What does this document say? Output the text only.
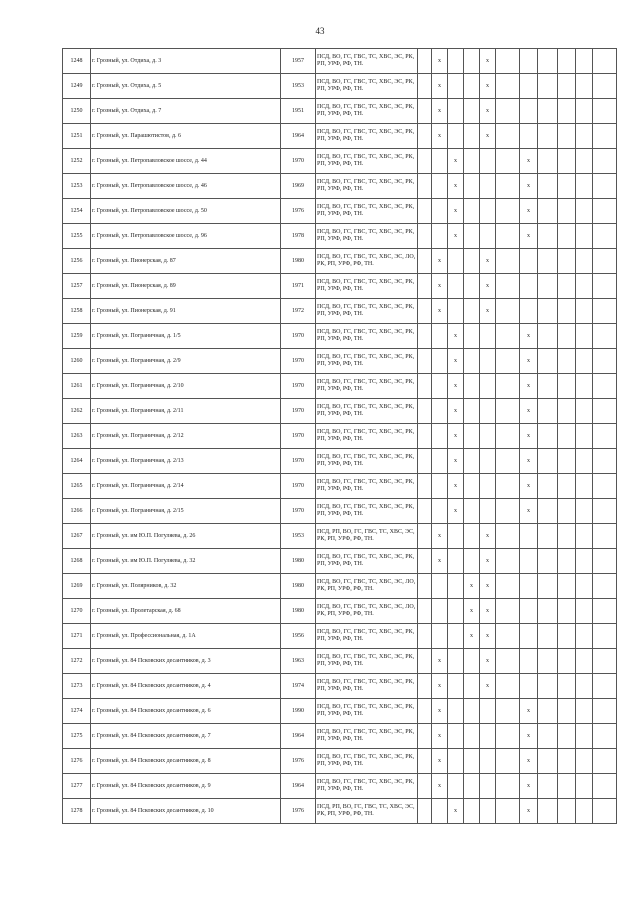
43
1248	г. Грозный, ул. Отдиха, д. 3	1957	ПСД, ВО, ГС, ГВС, ТС, ХВС, ЭС, РК, РП, УРФ, РФ, ТН.		x			x						
1249	г. Грозный, ул. Отдиха, д. 5	1953	ПСД, ВО, ГС, ГВС, ТС, ХВС, ЭС, РК, РП, УРФ, РФ, ТН.		x			x						
1250	г. Грозный, ул. Отдиха, д. 7	1951	ПСД, ВО, ГС, ГВС, ТС, ХВС, ЭС, РК, РП, УРФ, РФ, ТН.		x			x						
1251	г. Грозный, ул. Парашютистов, д. 6	1964	ПСД, ВО, ГС, ГВС, ТС, ХВС, ЭС, РК, РП, УРФ, РФ, ТН.		x			x						
1252	г. Грозный, ул. Петропавловское шоссе, д. 44	1970	ПСД, ВО, ГС, ГВС, ТС, ХВС, ЭС, РК, РП, УРФ, РФ, ТН.			x				x				
1253	г. Грозный, ул. Петропавловское шоссе, д. 46	1969	ПСД, ВО, ГС, ГВС, ТС, ХВС, ЭС, РК, РП, УРФ, РФ, ТН.			x				x				
1254	г. Грозный, ул. Петропавловское шоссе, д. 50	1976	ПСД, ВО, ГС, ГВС, ТС, ХВС, ЭС, РК, РП, УРФ, РФ, ТН.			x				x				
1255	г. Грозный, ул. Петропавловское шоссе, д. 96	1978	ПСД, ВО, ГС, ГВС, ТС, ХВС, ЭС, РК, РП, УРФ, РФ, ТН.			x				x				
1256	г. Грозный, ул. Пионерская, д. 87	1980	ПСД, ВО, ГС, ГВС, ТС, ХВС, ЭС, ЛО, РК, РП, УРФ, РФ, ТН.		x			x						
1257	г. Грозный, ул. Пионерская, д. 89	1971	ПСД, ВО, ГС, ГВС, ТС, ХВС, ЭС, РК, РП, УРФ, РФ, ТН.		x			x						
1258	г. Грозный, ул. Пионерская, д. 91	1972	ПСД, ВО, ГС, ГВС, ТС, ХВС, ЭС, РК, РП, УРФ, РФ, ТН.		x			x						
1259	г. Грозный, ул. Пограничная, д. 1/5	1970	ПСД, ВО, ГС, ГВС, ТС, ХВС, ЭС, РК, РП, УРФ, РФ, ТН.			x				x				
1260	г. Грозный, ул. Пограничная, д. 2/9	1970	ПСД, ВО, ГС, ГВС, ТС, ХВС, ЭС, РК, РП, УРФ, РФ, ТН.			x				x				
1261	г. Грозный, ул. Пограничная, д. 2/10	1970	ПСД, ВО, ГС, ГВС, ТС, ХВС, ЭС, РК, РП, УРФ, РФ, ТН.			x				x				
1262	г. Грозный, ул. Пограничная, д. 2/11	1970	ПСД, ВО, ГС, ГВС, ТС, ХВС, ЭС, РК, РП, УРФ, РФ, ТН.			x				x				
1263	г. Грозный, ул. Пограничная, д. 2/12	1970	ПСД, ВО, ГС, ГВС, ТС, ХВС, ЭС, РК, РП, УРФ, РФ, ТН.			x				x				
1264	г. Грозный, ул. Пограничная, д. 2/13	1970	ПСД, ВО, ГС, ГВС, ТС, ХВС, ЭС, РК, РП, УРФ, РФ, ТН.			x				x				
1265	г. Грозный, ул. Пограничная, д. 2/14	1970	ПСД, ВО, ГС, ГВС, ТС, ХВС, ЭС, РК, РП, УРФ, РФ, ТН.			x				x				
1266	г. Грозный, ул. Пограничная, д. 2/15	1970	ПСД, ВО, ГС, ГВС, ТС, ХВС, ЭС, РК, РП, УРФ, РФ, ТН.			x				x				
1267	г. Грозный, ул. им Ю.П. Погуляева, д. 26	1953	ПСД, РП, ВО, ГС, ГВС, ТС, ХВС, ЭС, РК, РП, УРФ, РФ, ТН.		x			x						
1268	г. Грозный, ул. им Ю.П. Погуляева, д. 32	1980	ПСД, ВО, ГС, ГВС, ТС, ХВС, ЭС, РК, РП, УРФ, РФ, ТН.		x			x						
1269	г. Грозный, ул. Полярников, д. 32	1980	ПСД, ВО, ГС, ГВС, ТС, ХВС, ЭС, ЛО, РК, РП, УРФ, РФ, ТН.				x	x						
1270	г. Грозный, ул. Пролетарская, д. 68	1980	ПСД, ВО, ГС, ГВС, ТС, ХВС, ЭС, ЛО, РК, РП, УРФ, РФ, ТН.				x	x						
1271	г. Грозный, ул. Профессиональная, д. 1А	1956	ПСД, ВО, ГС, ГВС, ТС, ХВС, ЭС, РК, РП, УРФ, РФ, ТН.				x	x						
1272	г. Грозный, ул. 84 Псковских десантников, д. 3	1963	ПСД, ВО, ГС, ГВС, ТС, ХВС, ЭС, РК, РП, УРФ, РФ, ТН.		x			x						
1273	г. Грозный, ул. 84 Псковских десантников, д. 4	1974	ПСД, ВО, ГС, ГВС, ТС, ХВС, ЭС, РК, РП, УРФ, РФ, ТН.		x			x						
1274	г. Грозный, ул. 84 Псковских десантников, д. 6	1990	ПСД, ВО, ГС, ГВС, ТС, ХВС, ЭС, РК, РП, УРФ, РФ, ТН.		x					x				
1275	г. Грозный, ул. 84 Псковских десантников, д. 7	1964	ПСД, ВО, ГС, ГВС, ТС, ХВС, ЭС, РК, РП, УРФ, РФ, ТН.		x					x				
1276	г. Грозный, ул. 84 Псковских десантников, д. 8	1976	ПСД, ВО, ГС, ГВС, ТС, ХВС, ЭС, РК, РП, УРФ, РФ, ТН.		x					x				
1277	г. Грозный, ул. 84 Псковских десантников, д. 9	1964	ПСД, ВО, ГС, ГВС, ТС, ХВС, ЭС, РК, РП, УРФ, РФ, ТН.		x					x				
1278	г. Грозный, ул. 84 Псковских десантников, д. 10	1976	ПСД, РП, ВО, ГС, ГВС, ТС, ХВС, ЭС, РК, РП, УРФ, РФ, ТН.			x				x				
